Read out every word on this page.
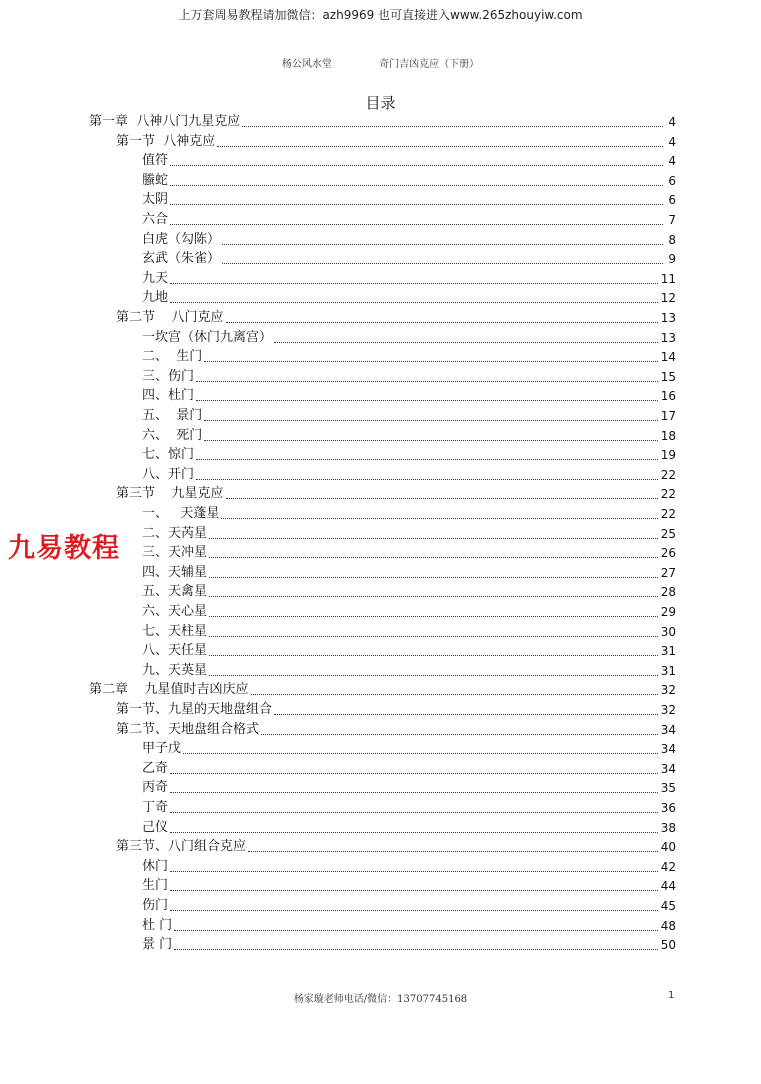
上万套周易教程请加微信：azh9969 也可直接进入www.265zhouyiw.com
杨公风水堂	奇门吉凶克应（下册）
目录
第一章  八神八门九星克应	4
第一节  八神克应	4
值符	4
螣蛇	6
太阴	6
六合	7
白虎（勾陈）	8
玄武（朱雀）	9
九天	11
九地	12
第二节    八门克应	13
一坎宫（休门九离宫）	13
二、  生门	14
三、伤门	15
四、杜门	16
五、  景门	17
六、  死门	18
七、惊门	19
八、开门	22
第三节    九星克应	22
一、   天蓬星	22
二、天芮星	25
三、天冲星	26
四、天辅星	27
五、天禽星	28
六、天心星	29
七、天柱星	30
八、天任星	31
九、天英星	31
第二章    九星值时吉凶庆应	32
第一节、九星的天地盘组合	32
第二节、天地盘组合格式	34
甲子戊	34
乙奇	34
丙奇	35
丁奇	36
己仪	38
第三节、八门组合克应	40
休门	42
生门	44
伤门	45
杜 门	48
景 门	50
九易教程
杨家璇老师电话/微信：13707745168	1
